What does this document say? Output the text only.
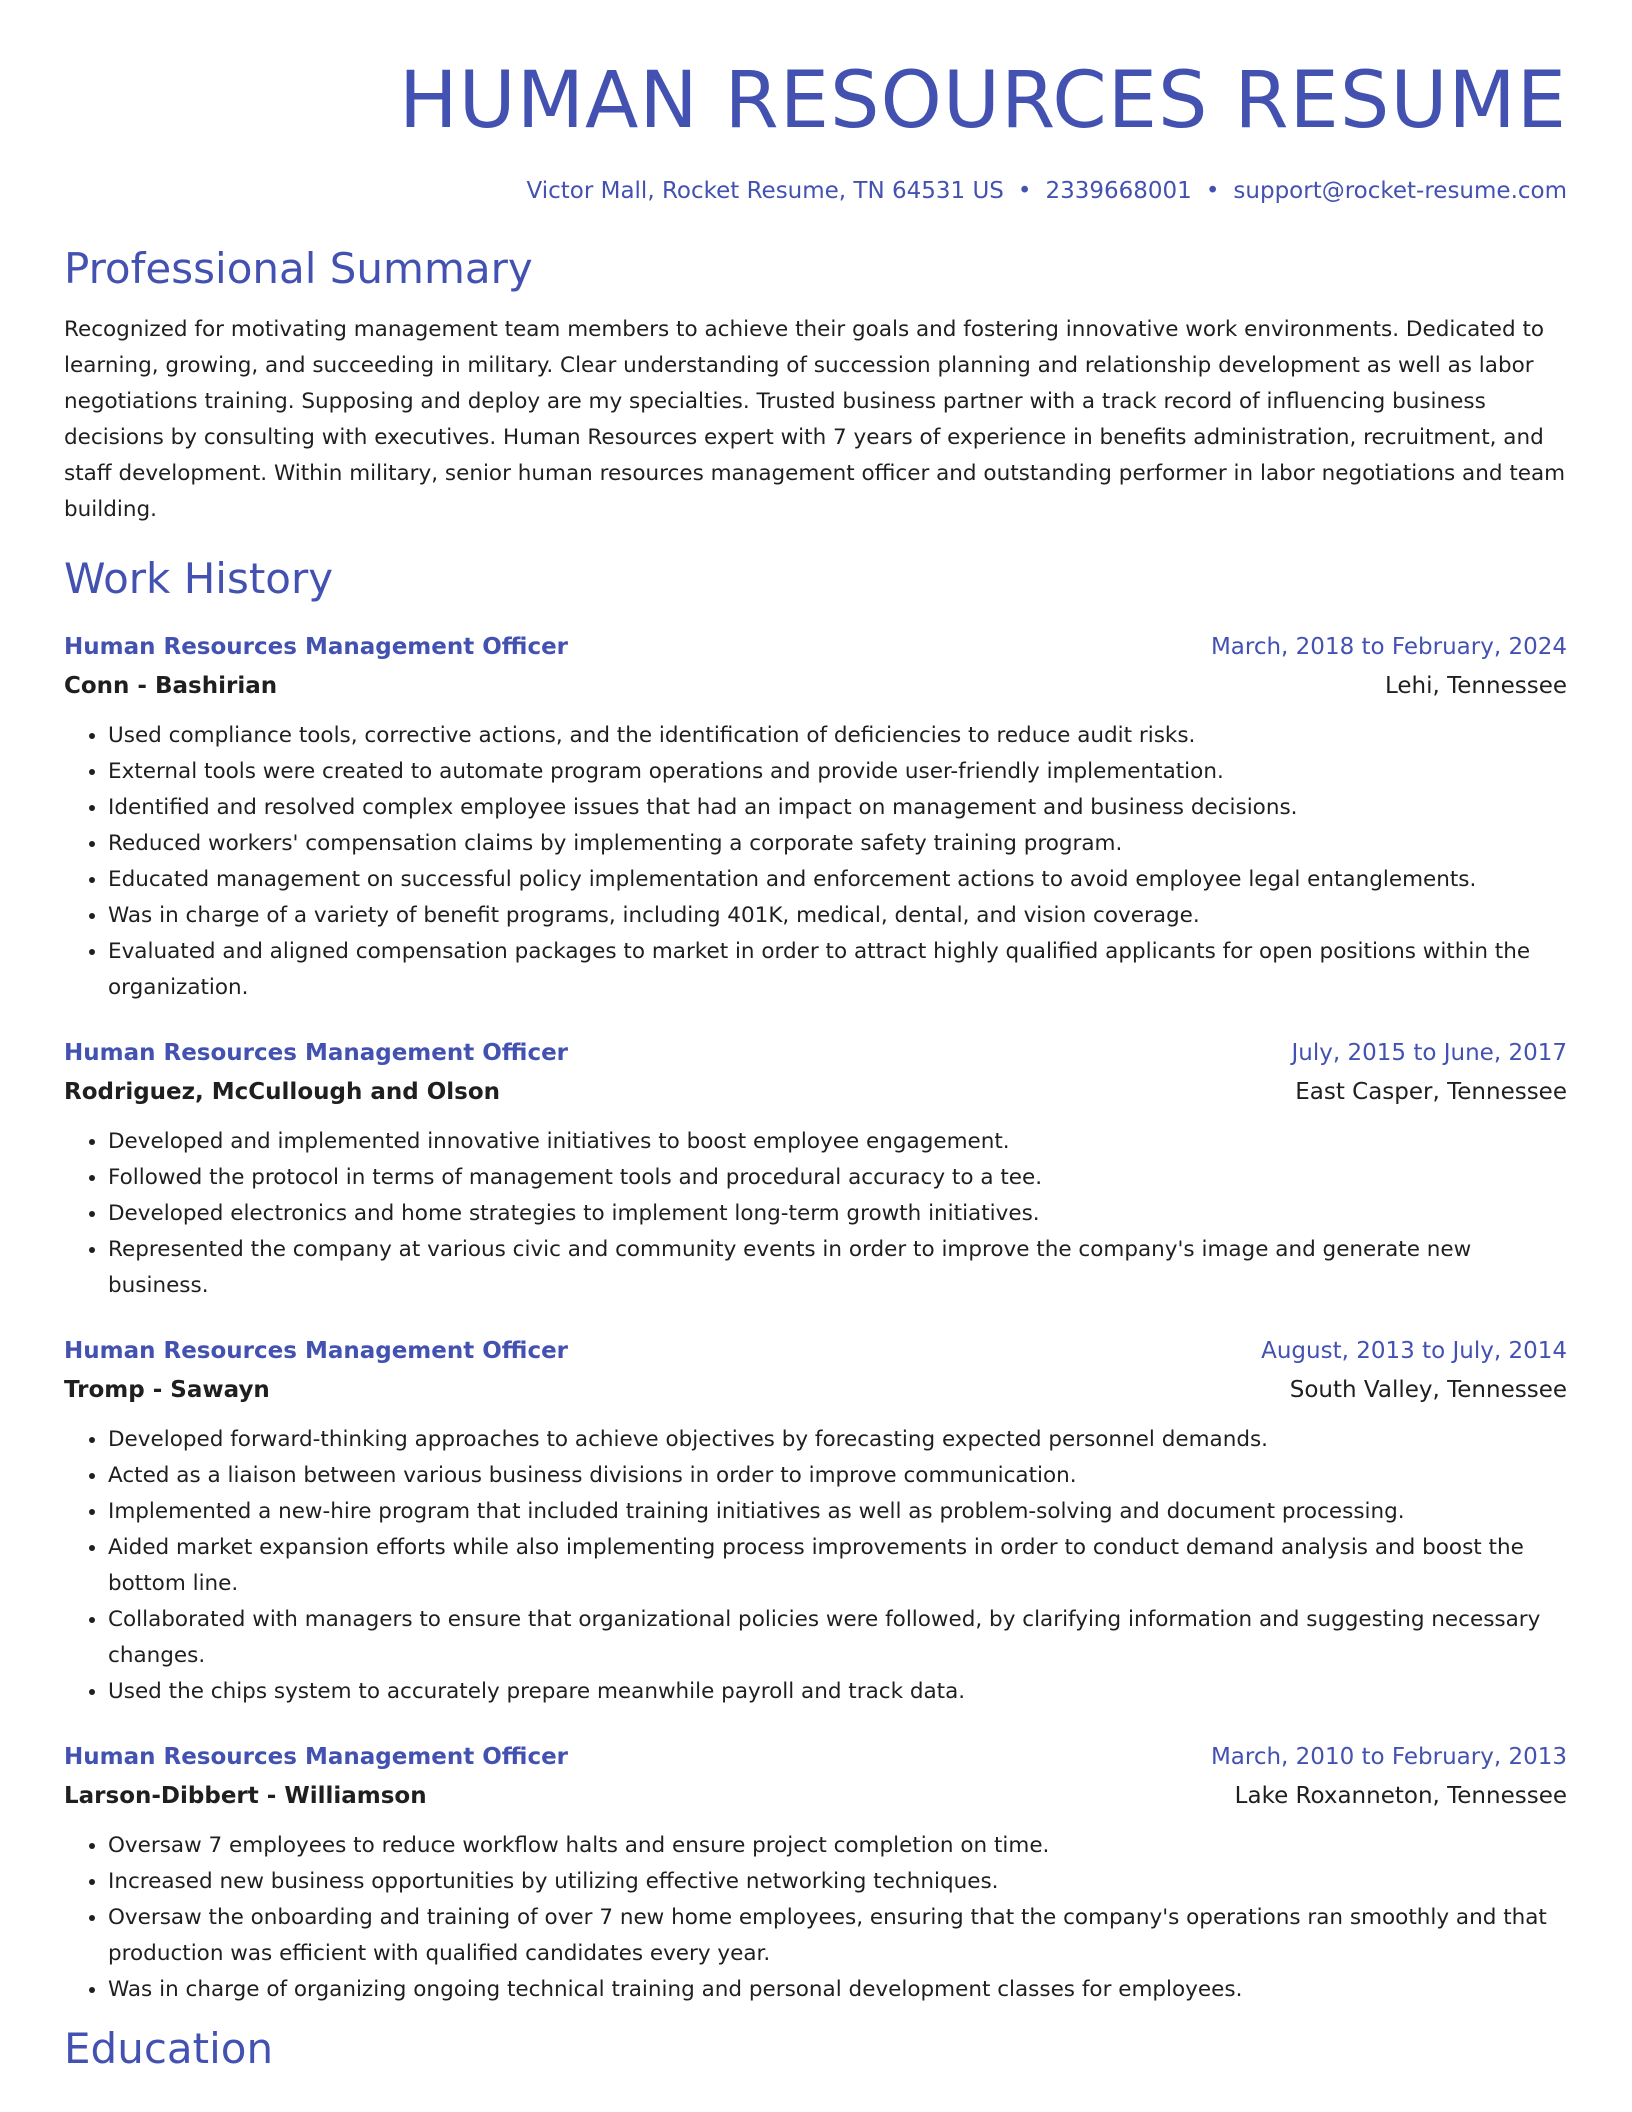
HUMAN RESOURCES RESUME
Victor Mall, Rocket Resume, TN 64531 US • 2339668001 • support@rocket-resume.com
Professional Summary

Recognized for motivating management team members to achieve their goals and fostering innovative work environments. Dedicated to learning, growing, and succeeding in military. Clear understanding of succession planning and relationship development as well as labor negotiations training. Supposing and deploy are my specialties. Trusted business partner with a track record of influencing business decisions by consulting with executives. Human Resources expert with 7 years of experience in benefits administration, recruitment, and staff development. Within military, senior human resources management officer and outstanding performer in labor negotiations and team building.

Work History
Human Resources Management Officer	March, 2018 to February, 2024
Conn - Bashirian	Lehi, Tennessee
• Used compliance tools, corrective actions, and the identification of deficiencies to reduce audit risks.
• External tools were created to automate program operations and provide user-friendly implementation.
• Identified and resolved complex employee issues that had an impact on management and business decisions.
• Reduced workers' compensation claims by implementing a corporate safety training program.
• Educated management on successful policy implementation and enforcement actions to avoid employee legal entanglements.
• Was in charge of a variety of benefit programs, including 401K, medical, dental, and vision coverage.
• Evaluated and aligned compensation packages to market in order to attract highly qualified applicants for open positions within the organization.
Human Resources Management Officer	July, 2015 to June, 2017
Rodriguez, McCullough and Olson	East Casper, Tennessee
• Developed and implemented innovative initiatives to boost employee engagement.
• Followed the protocol in terms of management tools and procedural accuracy to a tee.
• Developed electronics and home strategies to implement long-term growth initiatives.
• Represented the company at various civic and community events in order to improve the company's image and generate new business.
Human Resources Management Officer	August, 2013 to July, 2014
Tromp - Sawayn	South Valley, Tennessee
• Developed forward-thinking approaches to achieve objectives by forecasting expected personnel demands.
• Acted as a liaison between various business divisions in order to improve communication.
• Implemented a new-hire program that included training initiatives as well as problem-solving and document processing.
• Aided market expansion efforts while also implementing process improvements in order to conduct demand analysis and boost the bottom line.
• Collaborated with managers to ensure that organizational policies were followed, by clarifying information and suggesting necessary changes.
• Used the chips system to accurately prepare meanwhile payroll and track data.
Human Resources Management Officer	March, 2010 to February, 2013
Larson-Dibbert - Williamson	Lake Roxanneton, Tennessee
• Oversaw 7 employees to reduce workflow halts and ensure project completion on time.
• Increased new business opportunities by utilizing effective networking techniques.
• Oversaw the onboarding and training of over 7 new home employees, ensuring that the company's operations ran smoothly and that production was efficient with qualified candidates every year.
• Was in charge of organizing ongoing technical training and personal development classes for employees.
Education
